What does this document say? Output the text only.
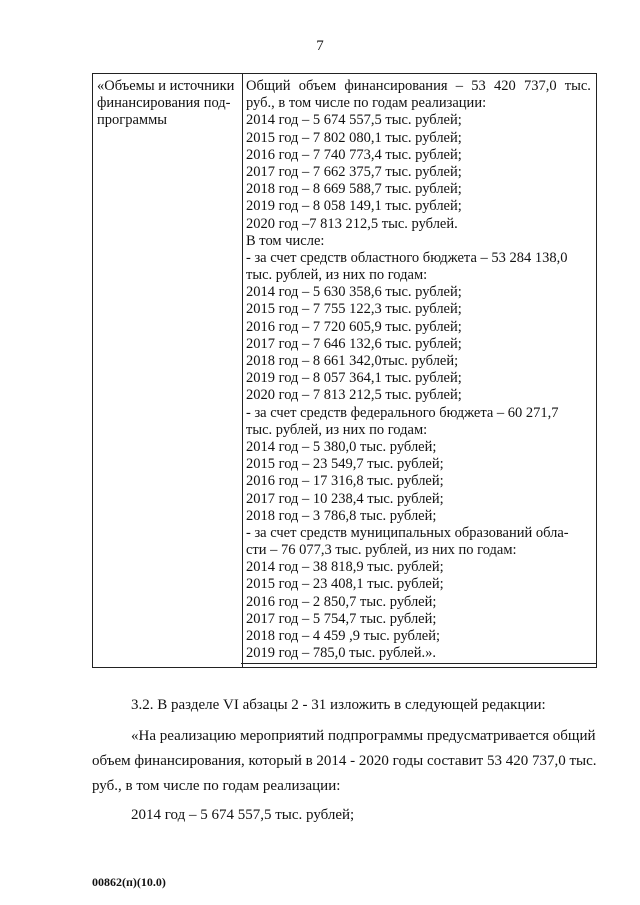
7
«Объемы и источники
финансирования под-
программы
Общий объем финансирования – 53 420 737,0 тыс.
руб., в том числе по годам реализации:
2014 год – 5 674 557,5 тыс. рублей;
2015 год – 7 802 080,1 тыс. рублей;
2016 год – 7 740 773,4 тыс. рублей;
2017 год – 7 662 375,7 тыс. рублей;
2018 год – 8 669 588,7 тыс. рублей;
2019 год – 8 058 149,1 тыс. рублей;
2020 год –7 813 212,5 тыс. рублей.
В том числе:
- за счет средств областного бюджета – 53 284 138,0
тыс. рублей, из них по годам:
2014 год – 5 630 358,6 тыс. рублей;
2015 год – 7 755 122,3 тыс. рублей;
2016 год – 7 720 605,9 тыс. рублей;
2017 год – 7 646 132,6 тыс. рублей;
2018 год – 8 661 342,0тыс. рублей;
2019 год – 8 057 364,1 тыс. рублей;
2020 год – 7 813 212,5 тыс. рублей;
- за счет средств федерального бюджета – 60 271,7
тыс. рублей, из них по годам:
2014 год – 5 380,0 тыс. рублей;
2015 год – 23 549,7 тыс. рублей;
2016 год – 17 316,8 тыс. рублей;
2017 год – 10 238,4 тыс. рублей;
2018 год – 3 786,8 тыс. рублей;
- за счет средств муниципальных образований обла-
сти – 76 077,3 тыс. рублей, из них по годам:
2014 год – 38 818,9 тыс. рублей;
2015 год – 23 408,1 тыс. рублей;
2016 год – 2 850,7 тыс. рублей;
2017 год – 5 754,7 тыс. рублей;
2018 год – 4 459 ,9 тыс. рублей;
2019 год – 785,0 тыс. рублей.».
3.2. В разделе VI абзацы 2 - 31 изложить в следующей редакции:
«На реализацию мероприятий подпрограммы предусматривается общий
объем финансирования, который в 2014 - 2020 годы составит 53 420 737,0 тыс.
руб., в том числе по годам реализации:
2014 год – 5 674 557,5 тыс. рублей;
00862(п)(10.0)
